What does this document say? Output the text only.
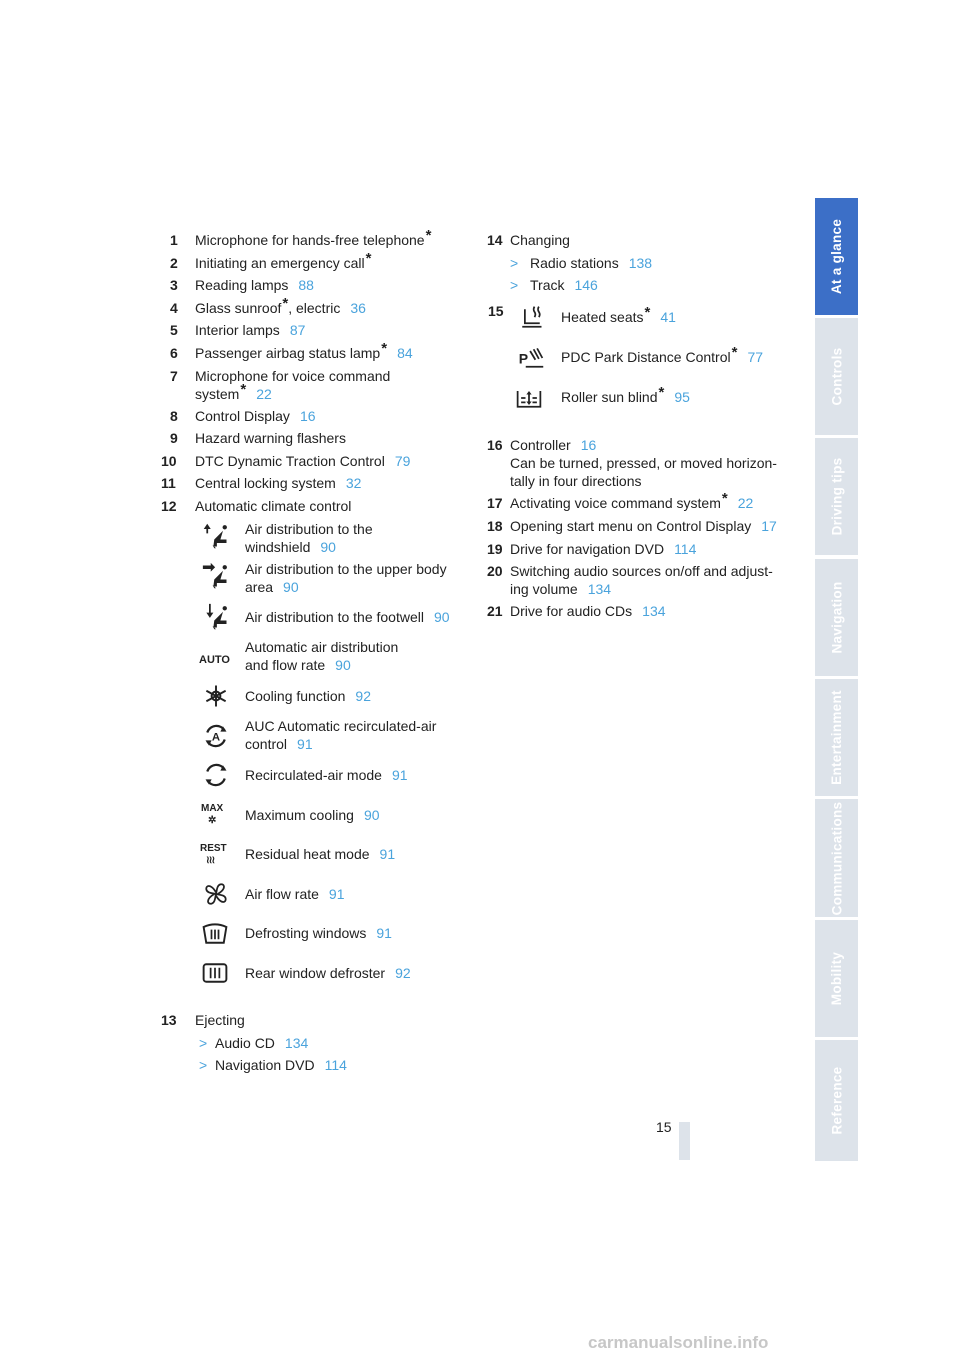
1 Microphone for hands-free telephone*
2 Initiating an emergency call*
3 Reading lamps 88
4 Glass sunroof*, electric 36
5 Interior lamps 87
6 Passenger airbag status lamp* 84
7 Microphone for voice command
system* 22
8 Control Display 16
9 Hazard warning flashers
10 DTC Dynamic Traction Control 79
11 Central locking system 32
12 Automatic climate control
Air distribution to the
windshield 90
Air distribution to the upper body
area 90
Air distribution to the footwell 90
AUTO
Automatic air distribution
and flow rate 90
Cooling function 92
A
AUC Automatic recirculated-air
control 91
Recirculated-air mode 91
MAX
✲	Maximum cooling 90
REST
≀≀≀	Residual heat mode 91
Air flow rate 91
Defrosting windows 91
Rear window defroster 92
13 Ejecting
> Audio CD 134
> Navigation DVD 114
14 Changing
> Radio stations 138
> Track 146
15	Heated seats* 41
P PDC Park Distance Control* 77
Roller sun blind* 95
16 Controller 16
Can be turned, pressed, or moved horizon-
tally in four directions
17 Activating voice command system* 22
18 Opening start menu on Control Display 17
19 Drive for navigation DVD 114
20 Switching audio sources on/off and adjust-
ing volume 134
21 Drive for audio CDs 134
At a glance
Controls
Driving tips
Navigation
Entertainment
Communications
Mobility
Reference
15
carmanualsonline.info
